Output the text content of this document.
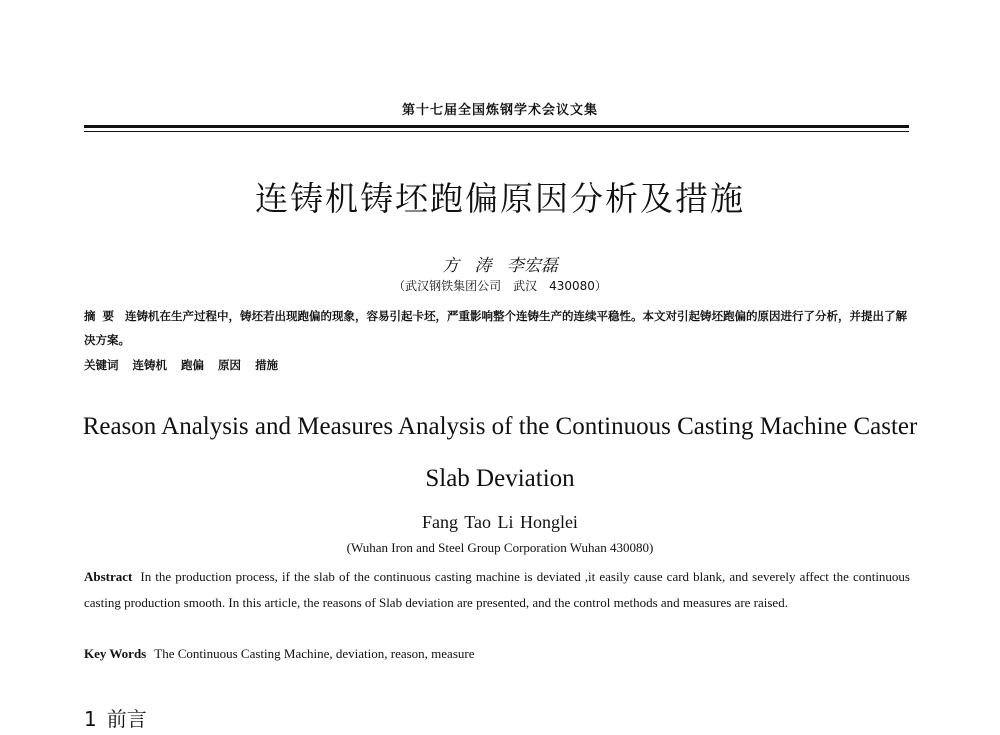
第十七届全国炼钢学术会议文集
连铸机铸坯跑偏原因分析及措施
方 涛 李宏磊
（武汉钢铁集团公司　武汉　430080）
摘要 连铸机在生产过程中，铸坯若出现跑偏的现象，容易引起卡坯，严重影响整个连铸生产的连续平稳性。本文对引起铸坯跑偏的原因进行了分析，并提出了解决方案。
关键词 连铸机 跑偏 原因 措施
Reason Analysis and Measures Analysis of the Continuous Casting Machine Caster Slab Deviation
Fang Tao Li Honglei
(Wuhan Iron and Steel Group Corporation Wuhan 430080)
Abstract In the production process, if the slab of the continuous casting machine is deviated ,it easily cause card blank, and severely affect the continuous casting production smooth. In this article, the reasons of Slab deviation are presented, and the control methods and measures are raised.
Key Words The Continuous Casting Machine, deviation, reason, measure
1 前言
